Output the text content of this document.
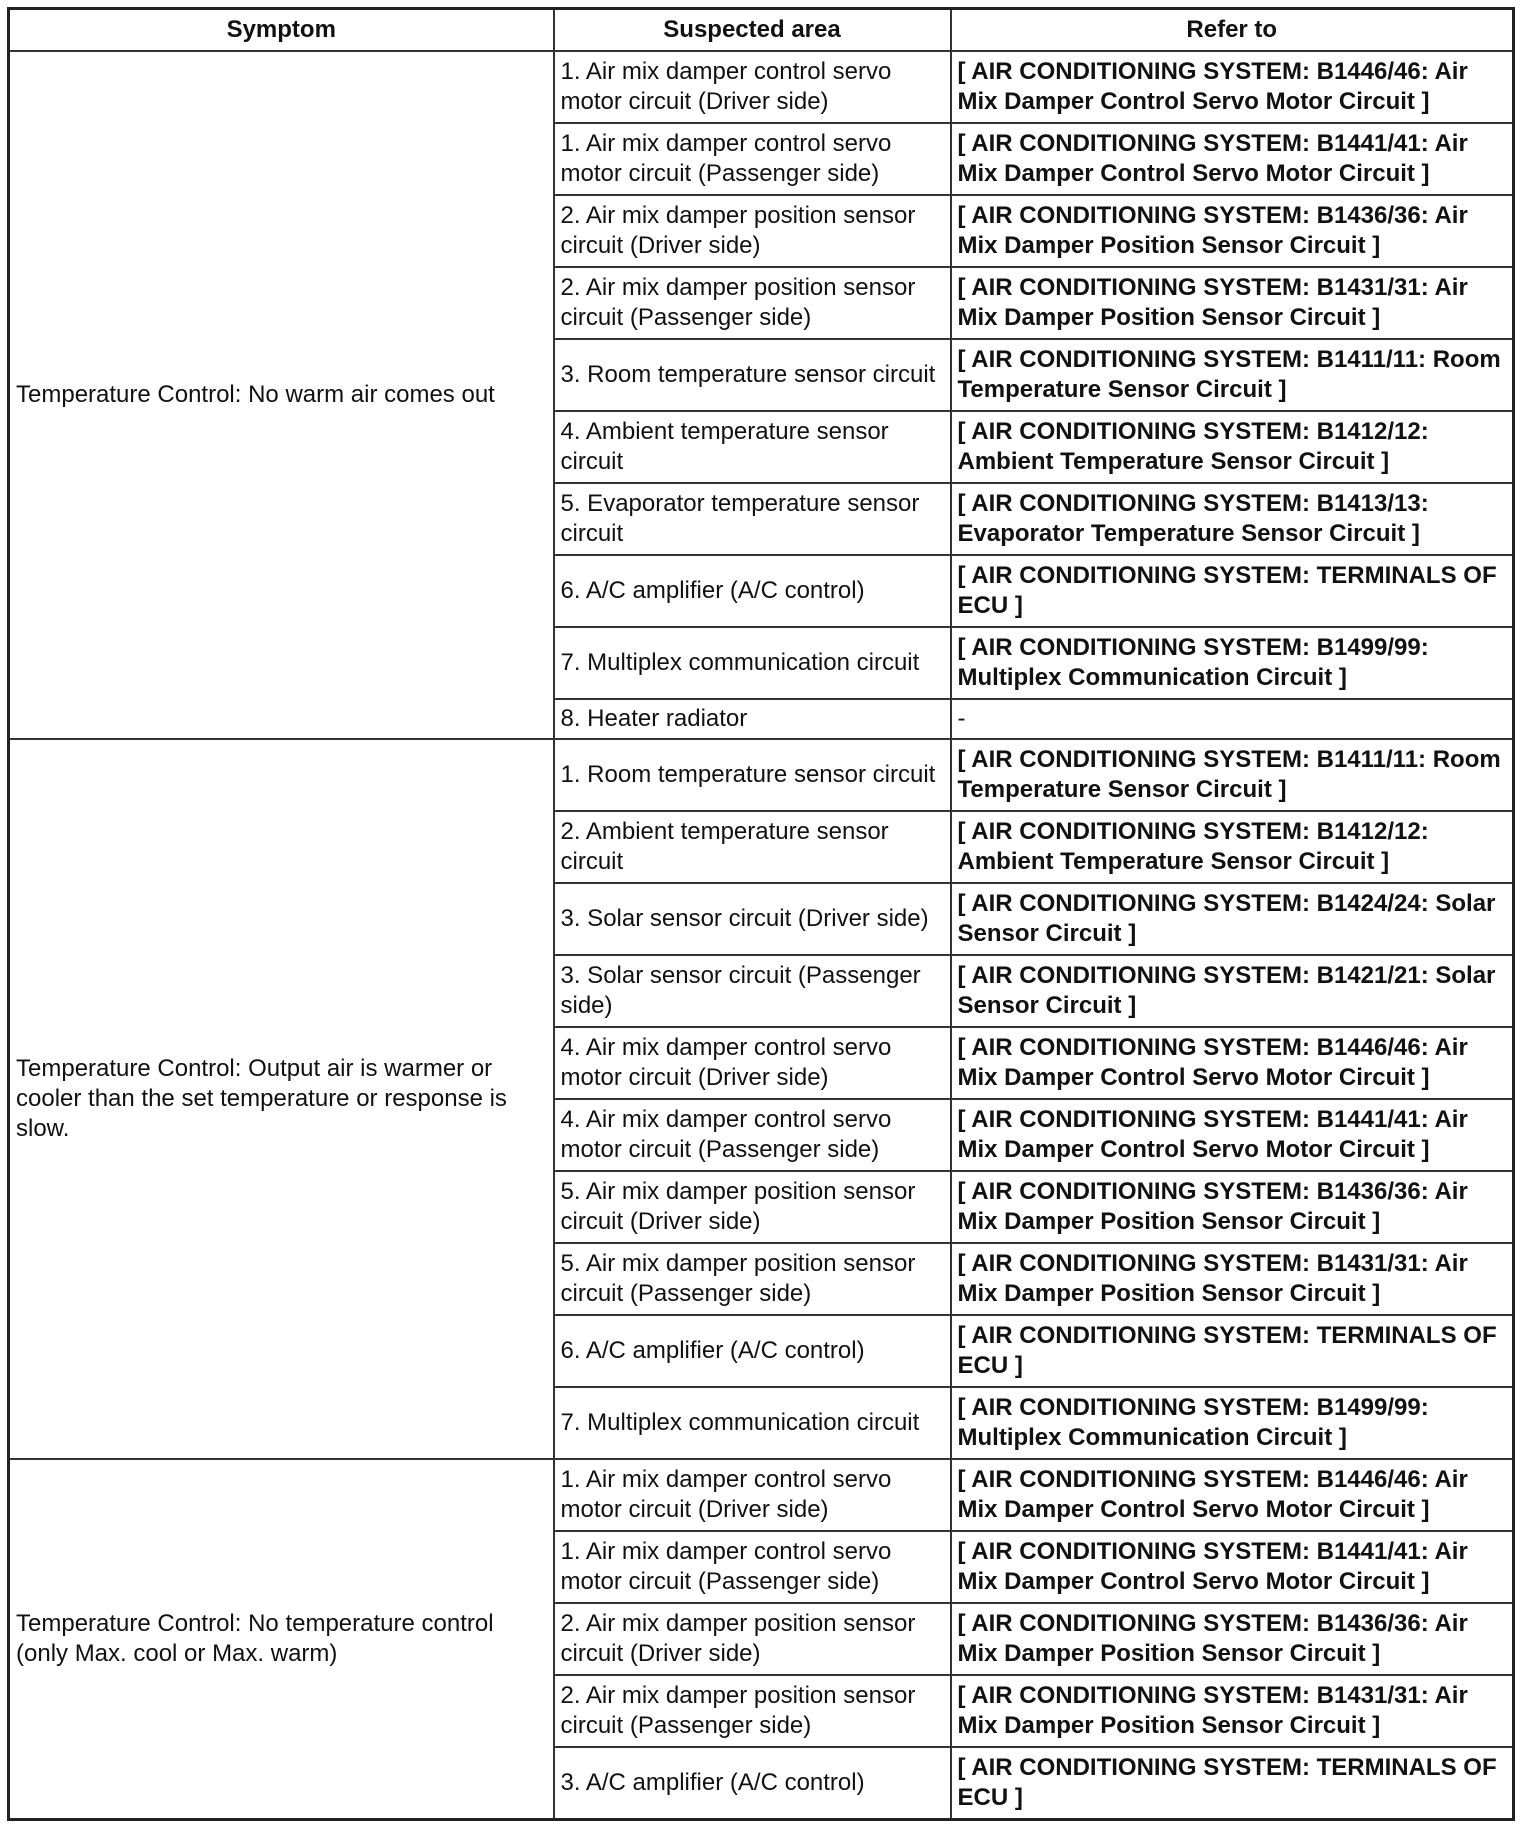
Symptom	Suspected area	Refer to
Temperature Control: No warm air comes out	1. Air mix damper control servo motor circuit (Driver side)	[ AIR CONDITIONING SYSTEM: B1446/46: Air Mix Damper Control Servo Motor Circuit ]
	1. Air mix damper control servo motor circuit (Passenger side)	[ AIR CONDITIONING SYSTEM: B1441/41: Air Mix Damper Control Servo Motor Circuit ]
	2. Air mix damper position sensor circuit (Driver side)	[ AIR CONDITIONING SYSTEM: B1436/36: Air Mix Damper Position Sensor Circuit ]
	2. Air mix damper position sensor circuit (Passenger side)	[ AIR CONDITIONING SYSTEM: B1431/31: Air Mix Damper Position Sensor Circuit ]
	3. Room temperature sensor circuit	[ AIR CONDITIONING SYSTEM: B1411/11: Room Temperature Sensor Circuit ]
	4. Ambient temperature sensor circuit	[ AIR CONDITIONING SYSTEM: B1412/12: Ambient Temperature Sensor Circuit ]
	5. Evaporator temperature sensor circuit	[ AIR CONDITIONING SYSTEM: B1413/13: Evaporator Temperature Sensor Circuit ]
	6. A/C amplifier (A/C control)	[ AIR CONDITIONING SYSTEM: TERMINALS OF ECU ]
	7. Multiplex communication circuit	[ AIR CONDITIONING SYSTEM: B1499/99: Multiplex Communication Circuit ]
	8. Heater radiator	-
Temperature Control: Output air is warmer or cooler than the set temperature or response is slow.	1. Room temperature sensor circuit	[ AIR CONDITIONING SYSTEM: B1411/11: Room Temperature Sensor Circuit ]
	2. Ambient temperature sensor circuit	[ AIR CONDITIONING SYSTEM: B1412/12: Ambient Temperature Sensor Circuit ]
	3. Solar sensor circuit (Driver side)	[ AIR CONDITIONING SYSTEM: B1424/24: Solar Sensor Circuit ]
	3. Solar sensor circuit (Passenger side)	[ AIR CONDITIONING SYSTEM: B1421/21: Solar Sensor Circuit ]
	4. Air mix damper control servo motor circuit (Driver side)	[ AIR CONDITIONING SYSTEM: B1446/46: Air Mix Damper Control Servo Motor Circuit ]
	4. Air mix damper control servo motor circuit (Passenger side)	[ AIR CONDITIONING SYSTEM: B1441/41: Air Mix Damper Control Servo Motor Circuit ]
	5. Air mix damper position sensor circuit (Driver side)	[ AIR CONDITIONING SYSTEM: B1436/36: Air Mix Damper Position Sensor Circuit ]
	5. Air mix damper position sensor circuit (Passenger side)	[ AIR CONDITIONING SYSTEM: B1431/31: Air Mix Damper Position Sensor Circuit ]
	6. A/C amplifier (A/C control)	[ AIR CONDITIONING SYSTEM: TERMINALS OF ECU ]
	7. Multiplex communication circuit	[ AIR CONDITIONING SYSTEM: B1499/99: Multiplex Communication Circuit ]
Temperature Control: No temperature control (only Max. cool or Max. warm)	1. Air mix damper control servo motor circuit (Driver side)	[ AIR CONDITIONING SYSTEM: B1446/46: Air Mix Damper Control Servo Motor Circuit ]
	1. Air mix damper control servo motor circuit (Passenger side)	[ AIR CONDITIONING SYSTEM: B1441/41: Air Mix Damper Control Servo Motor Circuit ]
	2. Air mix damper position sensor circuit (Driver side)	[ AIR CONDITIONING SYSTEM: B1436/36: Air Mix Damper Position Sensor Circuit ]
	2. Air mix damper position sensor circuit (Passenger side)	[ AIR CONDITIONING SYSTEM: B1431/31: Air Mix Damper Position Sensor Circuit ]
	3. A/C amplifier (A/C control)	[ AIR CONDITIONING SYSTEM: TERMINALS OF ECU ]
